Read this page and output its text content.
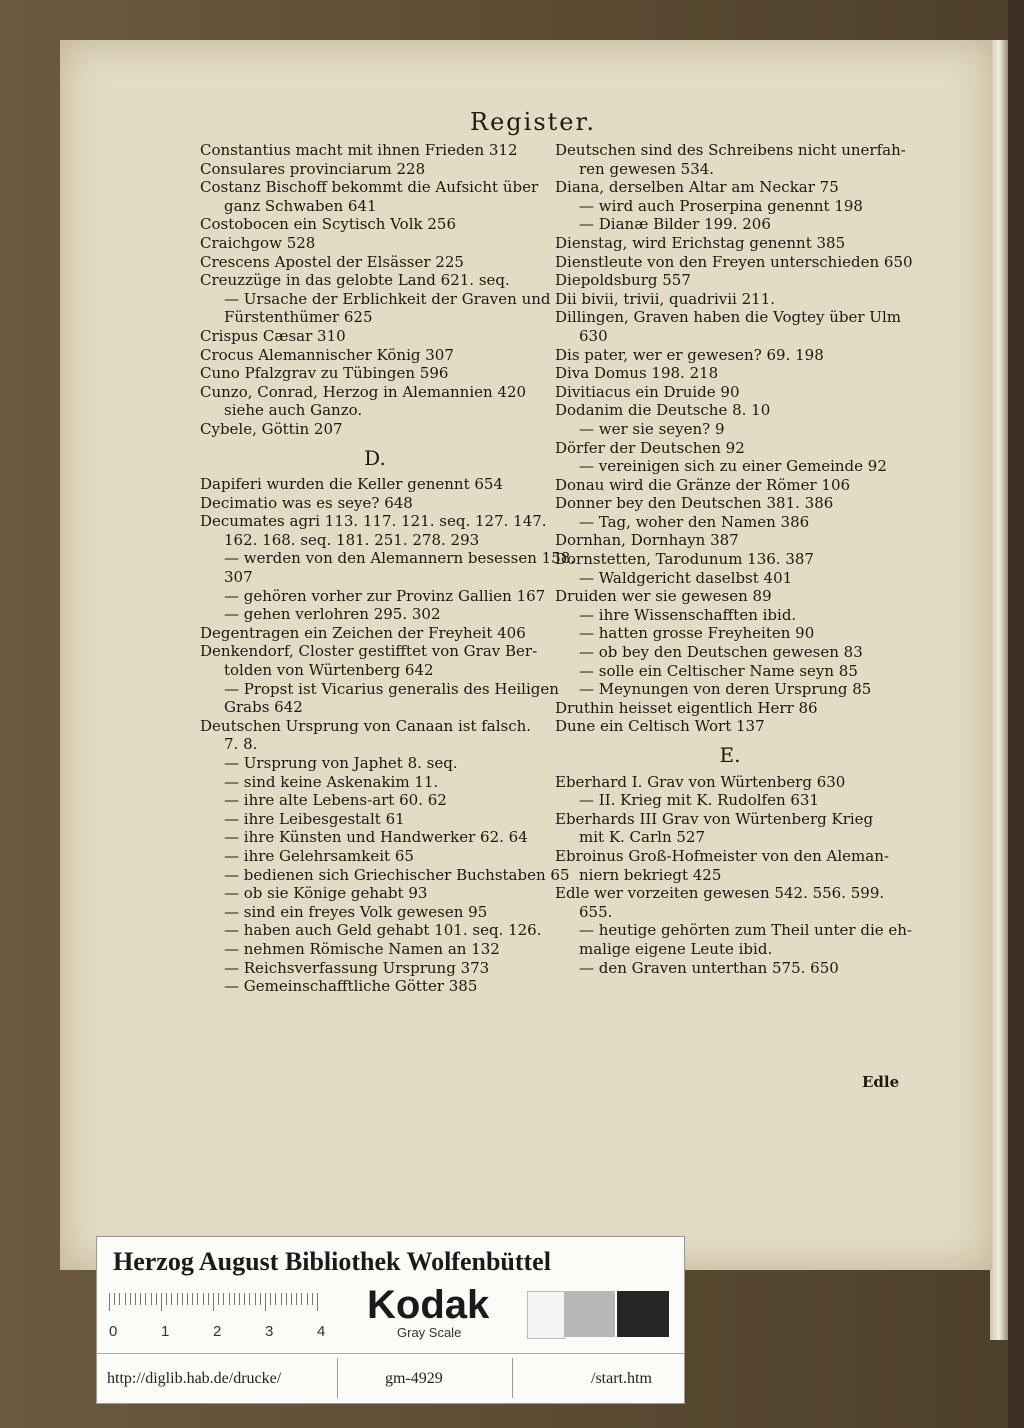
Register.
Constantius macht mit ihnen Frieden 312
Consulares provinciarum 228
Costanz Bischoff bekommt die Aufsicht über
ganz Schwaben 641
Costobocen ein Scytisch Volk 256
Craichgow 528
Crescens Apostel der Elsässer 225
Creuzzüge in das gelobte Land 621. seq.
— Ursache der Erblichkeit der Graven und
Fürstenthümer 625
Crispus Cæsar 310
Crocus Alemannischer König 307
Cuno Pfalzgrav zu Tübingen 596
Cunzo, Conrad, Herzog in Alemannien 420
siehe auch Ganzo.
Cybele, Göttin 207
D.
Dapiferi wurden die Keller genennt 654
Decimatio was es seye? 648
Decumates agri 113. 117. 121. seq. 127. 147.
162. 168. seq. 181. 251. 278. 293
— werden von den Alemannern besessen 158.
307
— gehören vorher zur Provinz Gallien 167
— gehen verlohren 295. 302
Degentragen ein Zeichen der Freyheit 406
Denkendorf, Closter gestifftet von Grav Ber-
tolden von Würtenberg 642
— Propst ist Vicarius generalis des Heiligen
Grabs 642
Deutschen Ursprung von Canaan ist falsch.
7. 8.
— Ursprung von Japhet 8. seq.
— sind keine Askenakim 11.
— ihre alte Lebens-art 60. 62
— ihre Leibesgestalt 61
— ihre Künsten und Handwerker 62. 64
— ihre Gelehrsamkeit 65
— bedienen sich Griechischer Buchstaben 65
— ob sie Könige gehabt 93
— sind ein freyes Volk gewesen 95
— haben auch Geld gehabt 101. seq. 126.
— nehmen Römische Namen an 132
— Reichsverfassung Ursprung 373
— Gemeinschafftliche Götter 385
Deutschen sind des Schreibens nicht unerfah-
ren gewesen 534.
Diana, derselben Altar am Neckar 75
— wird auch Proserpina genennt 198
— Dianæ Bilder 199. 206
Dienstag, wird Erichstag genennt 385
Dienstleute von den Freyen unterschieden 650
Diepoldsburg 557
Dii bivii, trivii, quadrivii 211.
Dillingen, Graven haben die Vogtey über Ulm
630
Dis pater, wer er gewesen? 69. 198
Diva Domus 198. 218
Divitiacus ein Druide 90
Dodanim die Deutsche 8. 10
— wer sie seyen? 9
Dörfer der Deutschen 92
— vereinigen sich zu einer Gemeinde 92
Donau wird die Gränze der Römer 106
Donner bey den Deutschen 381. 386
— Tag, woher den Namen 386
Dornhan, Dornhayn 387
Dornstetten, Tarodunum 136. 387
— Waldgericht daselbst 401
Druiden wer sie gewesen 89
— ihre Wissenschafften ibid.
— hatten grosse Freyheiten 90
— ob bey den Deutschen gewesen 83
— solle ein Celtischer Name seyn 85
— Meynungen von deren Ursprung 85
Druthin heisset eigentlich Herr 86
Dune ein Celtisch Wort 137
E.
Eberhard I. Grav von Würtenberg 630
— II. Krieg mit K. Rudolfen 631
Eberhards III Grav von Würtenberg Krieg
mit K. Carln 527
Ebroinus Groß-Hofmeister von den Aleman-
niern bekriegt 425
Edle wer vorzeiten gewesen 542. 556. 599.
655.
— heutige gehörten zum Theil unter die eh-
malige eigene Leute ibid.
— den Graven unterthan 575. 650
Edle
Herzog August Bibliothek Wolfenbüttel
0	1	2	3	4
Kodak
Gray Scale
http://diglib.hab.de/drucke/	gm-4929	/start.htm
